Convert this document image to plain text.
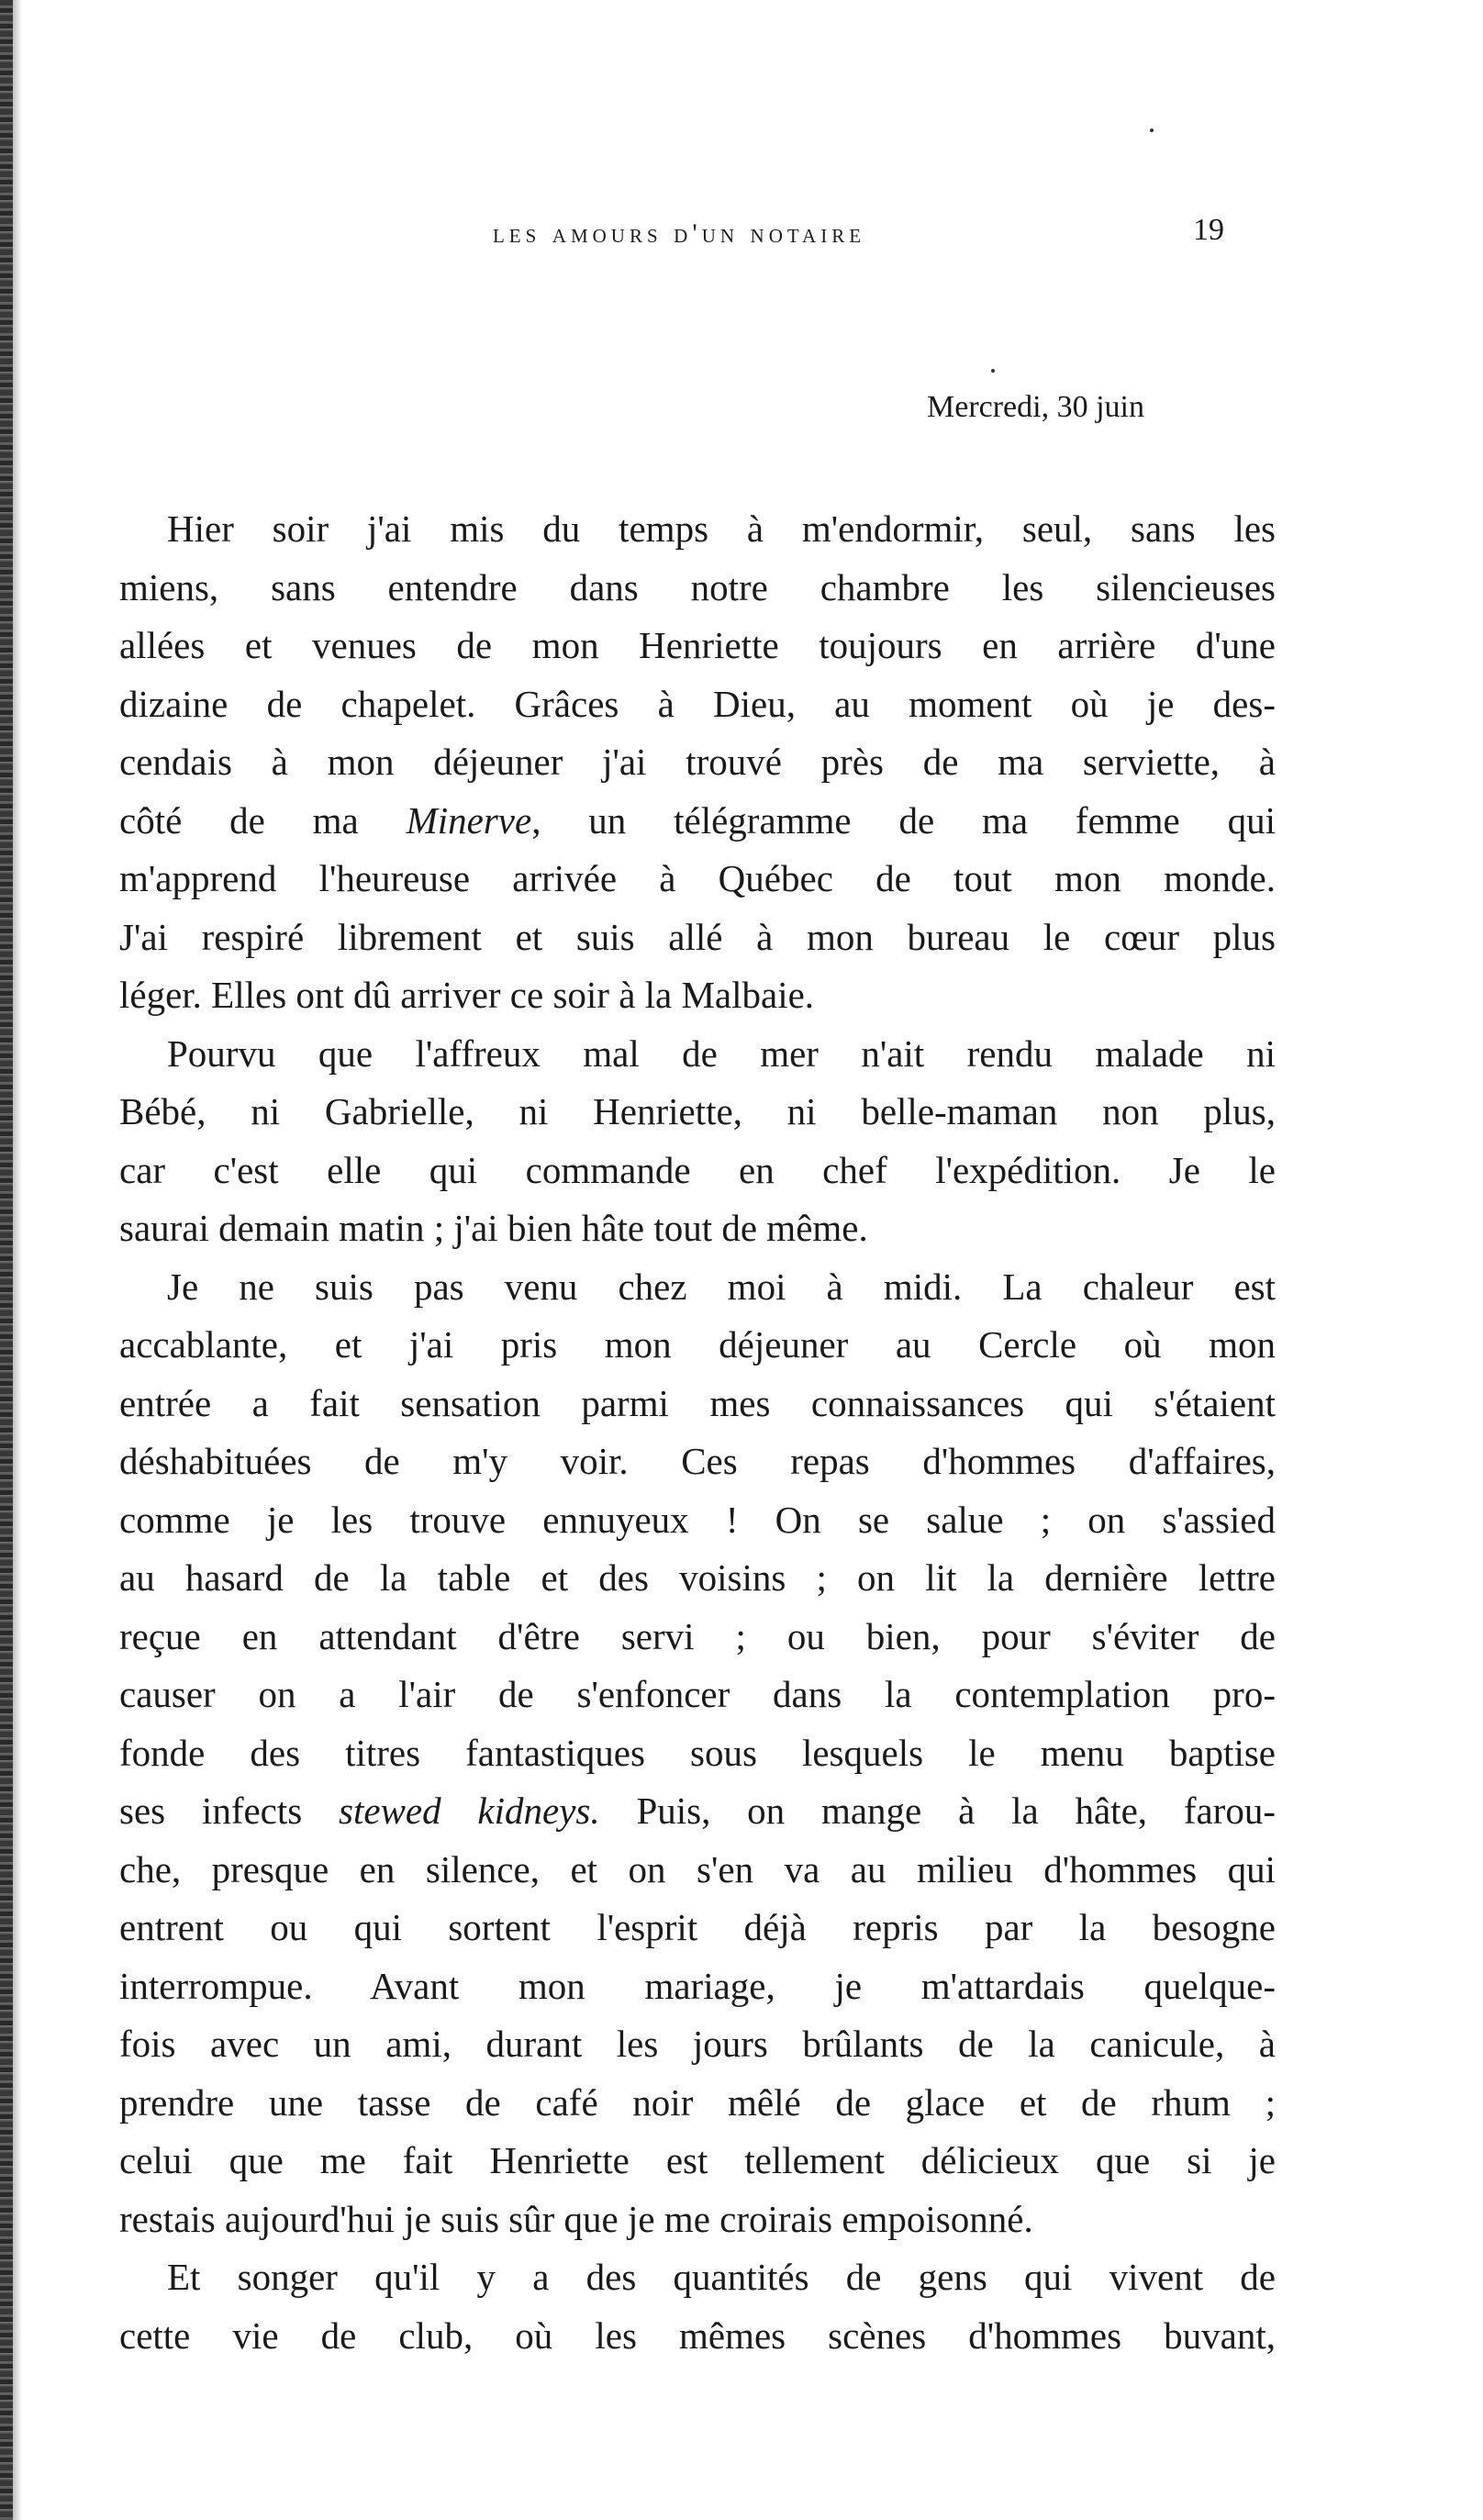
les amours d'un notaire	19
Mercredi, 30 juin
Hier soir j'ai mis du temps à m'endormir, seul, sans les
miens, sans entendre dans notre chambre les silencieuses
allées et venues de mon Henriette toujours en arrière d'une
dizaine de chapelet. Grâces à Dieu, au moment où je des-
cendais à mon déjeuner j'ai trouvé près de ma serviette, à
côté de ma Minerve, un télégramme de ma femme qui
m'apprend l'heureuse arrivée à Québec de tout mon monde.
J'ai respiré librement et suis allé à mon bureau le cœur plus
léger. Elles ont dû arriver ce soir à la Malbaie.
Pourvu que l'affreux mal de mer n'ait rendu malade ni
Bébé, ni Gabrielle, ni Henriette, ni belle-maman non plus,
car c'est elle qui commande en chef l'expédition. Je le
saurai demain matin ; j'ai bien hâte tout de même.
Je ne suis pas venu chez moi à midi. La chaleur est
accablante, et j'ai pris mon déjeuner au Cercle où mon
entrée a fait sensation parmi mes connaissances qui s'étaient
déshabituées de m'y voir. Ces repas d'hommes d'affaires,
comme je les trouve ennuyeux ! On se salue ; on s'assied
au hasard de la table et des voisins ; on lit la dernière lettre
reçue en attendant d'être servi ; ou bien, pour s'éviter de
causer on a l'air de s'enfoncer dans la contemplation pro-
fonde des titres fantastiques sous lesquels le menu baptise
ses infects stewed kidneys. Puis, on mange à la hâte, farou-
che, presque en silence, et on s'en va au milieu d'hommes qui
entrent ou qui sortent l'esprit déjà repris par la besogne
interrompue. Avant mon mariage, je m'attardais quelque-
fois avec un ami, durant les jours brûlants de la canicule, à
prendre une tasse de café noir mêlé de glace et de rhum ;
celui que me fait Henriette est tellement délicieux que si je
restais aujourd'hui je suis sûr que je me croirais empoisonné.
Et songer qu'il y a des quantités de gens qui vivent de
cette vie de club, où les mêmes scènes d'hommes buvant,
